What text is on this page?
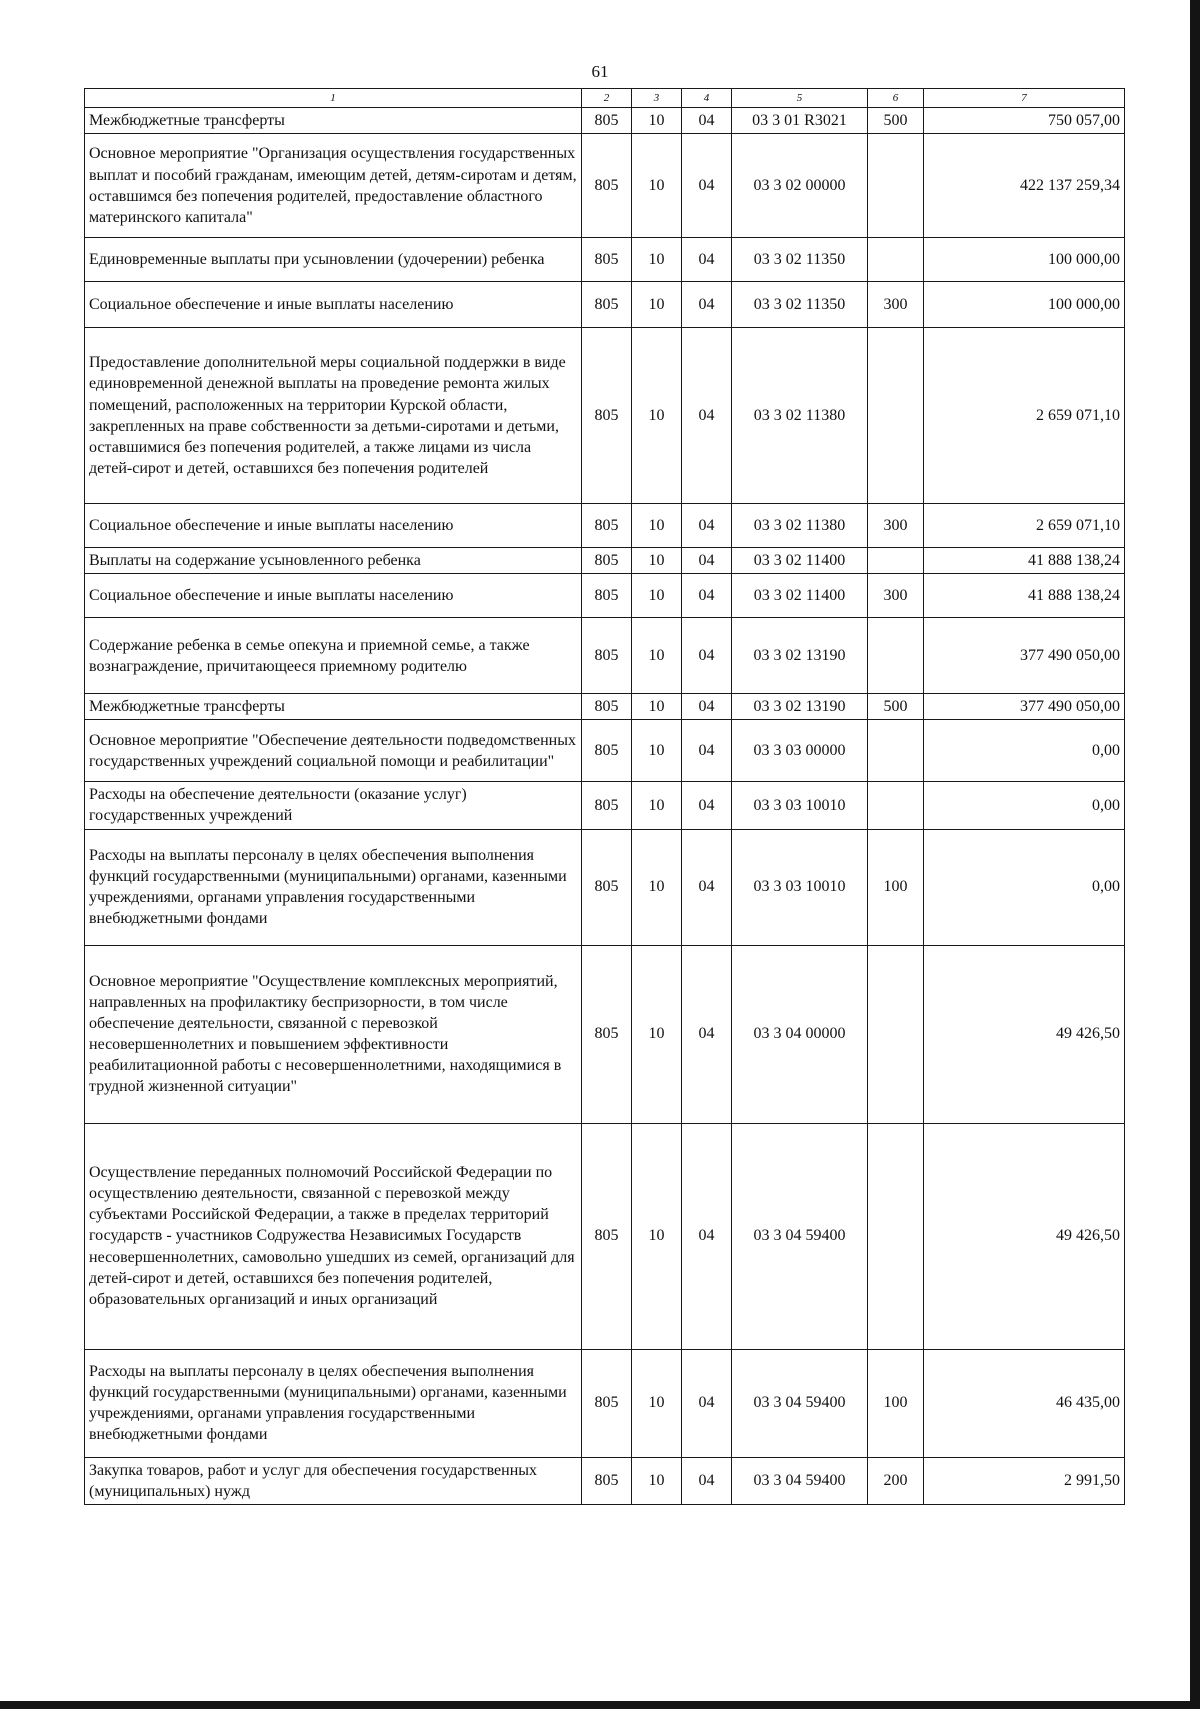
61
1	2	3	4	5	6	7
Межбюджетные трансферты	805	10	04	03 3 01 R3021	500	750 057,00
Основное мероприятие "Организация осуществления государственных выплат и пособий гражданам, имеющим детей, детям-сиротам и детям, оставшимся без попечения родителей, предоставление областного материнского капитала"	805	10	04	03 3 02 00000		422 137 259,34
Единовременные выплаты при усыновлении (удочерении) ребенка	805	10	04	03 3 02 11350		100 000,00
Социальное обеспечение и иные выплаты населению	805	10	04	03 3 02 11350	300	100 000,00
Предоставление дополнительной меры социальной поддержки в виде единовременной денежной выплаты на проведение ремонта жилых помещений, расположенных на территории Курской области, закрепленных на праве собственности за детьми-сиротами и детьми, оставшимися без попечения родителей, а также лицами из числа детей-сирот и детей, оставшихся без попечения родителей	805	10	04	03 3 02 11380		2 659 071,10
Социальное обеспечение и иные выплаты населению	805	10	04	03 3 02 11380	300	2 659 071,10
Выплаты на содержание усыновленного ребенка	805	10	04	03 3 02 11400		41 888 138,24
Социальное обеспечение и иные выплаты населению	805	10	04	03 3 02 11400	300	41 888 138,24
Содержание ребенка в семье опекуна и приемной семье, а также вознаграждение, причитающееся приемному родителю	805	10	04	03 3 02 13190		377 490 050,00
Межбюджетные трансферты	805	10	04	03 3 02 13190	500	377 490 050,00
Основное мероприятие "Обеспечение деятельности подведомственных государственных учреждений социальной помощи и реабилитации"	805	10	04	03 3 03 00000		0,00
Расходы на обеспечение деятельности (оказание услуг) государственных учреждений	805	10	04	03 3 03 10010		0,00
Расходы на выплаты персоналу в целях обеспечения выполнения функций государственными (муниципальными) органами, казенными учреждениями, органами управления государственными внебюджетными фондами	805	10	04	03 3 03 10010	100	0,00
Основное мероприятие "Осуществление комплексных мероприятий, направленных на профилактику беспризорности, в том числе обеспечение деятельности, связанной с перевозкой несовершеннолетних и повышением эффективности реабилитационной работы с несовершеннолетними, находящимися в трудной жизненной ситуации"	805	10	04	03 3 04 00000		49 426,50
Осуществление переданных полномочий Российской Федерации по осуществлению деятельности, связанной с перевозкой между субъектами Российской Федерации, а также в пределах территорий государств - участников Содружества Независимых Государств несовершеннолетних, самовольно ушедших из семей, организаций для детей-сирот и детей, оставшихся без попечения родителей, образовательных организаций и иных организаций	805	10	04	03 3 04 59400		49 426,50
Расходы на выплаты персоналу в целях обеспечения выполнения функций государственными (муниципальными) органами, казенными учреждениями, органами управления государственными внебюджетными фондами	805	10	04	03 3 04 59400	100	46 435,00
Закупка товаров, работ и услуг для обеспечения государственных (муниципальных) нужд	805	10	04	03 3 04 59400	200	2 991,50
